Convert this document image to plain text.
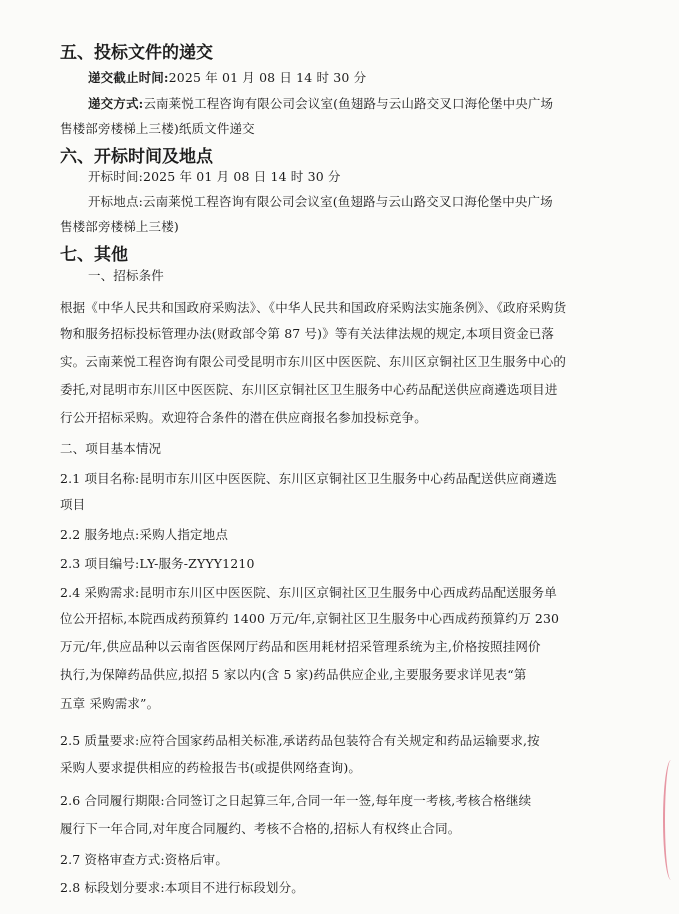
五、投标文件的递交
递交截止时间:2025 年 01 月 08 日 14 时 30 分
递交方式:云南莱悦工程咨询有限公司会议室(鱼翅路与云山路交叉口海伦堡中央广场
售楼部旁楼梯上三楼)纸质文件递交
六、开标时间及地点
开标时间:2025 年 01 月 08 日 14 时 30 分
开标地点:云南莱悦工程咨询有限公司会议室(鱼翅路与云山路交叉口海伦堡中央广场
售楼部旁楼梯上三楼)
七、其他
一、招标条件
根据《中华人民共和国政府采购法》、《中华人民共和国政府采购法实施条例》、《政府采购货
物和服务招标投标管理办法(财政部令第 87 号)》等有关法律法规的规定,本项目资金已落
实。云南莱悦工程咨询有限公司受昆明市东川区中医医院、东川区京铜社区卫生服务中心的
委托,对昆明市东川区中医医院、东川区京铜社区卫生服务中心药品配送供应商遴选项目进
行公开招标采购。欢迎符合条件的潜在供应商报名参加投标竞争。
二、项目基本情况
2.1 项目名称:昆明市东川区中医医院、东川区京铜社区卫生服务中心药品配送供应商遴选
项目
2.2 服务地点:采购人指定地点
2.3 项目编号:LY-服务-ZYYY1210
2.4 采购需求:昆明市东川区中医医院、东川区京铜社区卫生服务中心西成药品配送服务单
位公开招标,本院西成药预算约 1400 万元/年,京铜社区卫生服务中心西成药预算约万 230
万元/年,供应品种以云南省医保网厅药品和医用耗材招采管理系统为主,价格按照挂网价
执行,为保障药品供应,拟招 5 家以内(含 5 家)药品供应企业,主要服务要求详见表“第
五章 采购需求”。
2.5 质量要求:应符合国家药品相关标准,承诺药品包装符合有关规定和药品运输要求,按
采购人要求提供相应的药检报告书(或提供网络查询)。
2.6 合同履行期限:合同签订之日起算三年,合同一年一签,每年度一考核,考核合格继续
履行下一年合同,对年度合同履约、考核不合格的,招标人有权终止合同。
2.7 资格审查方式:资格后审。
2.8 标段划分要求:本项目不进行标段划分。
